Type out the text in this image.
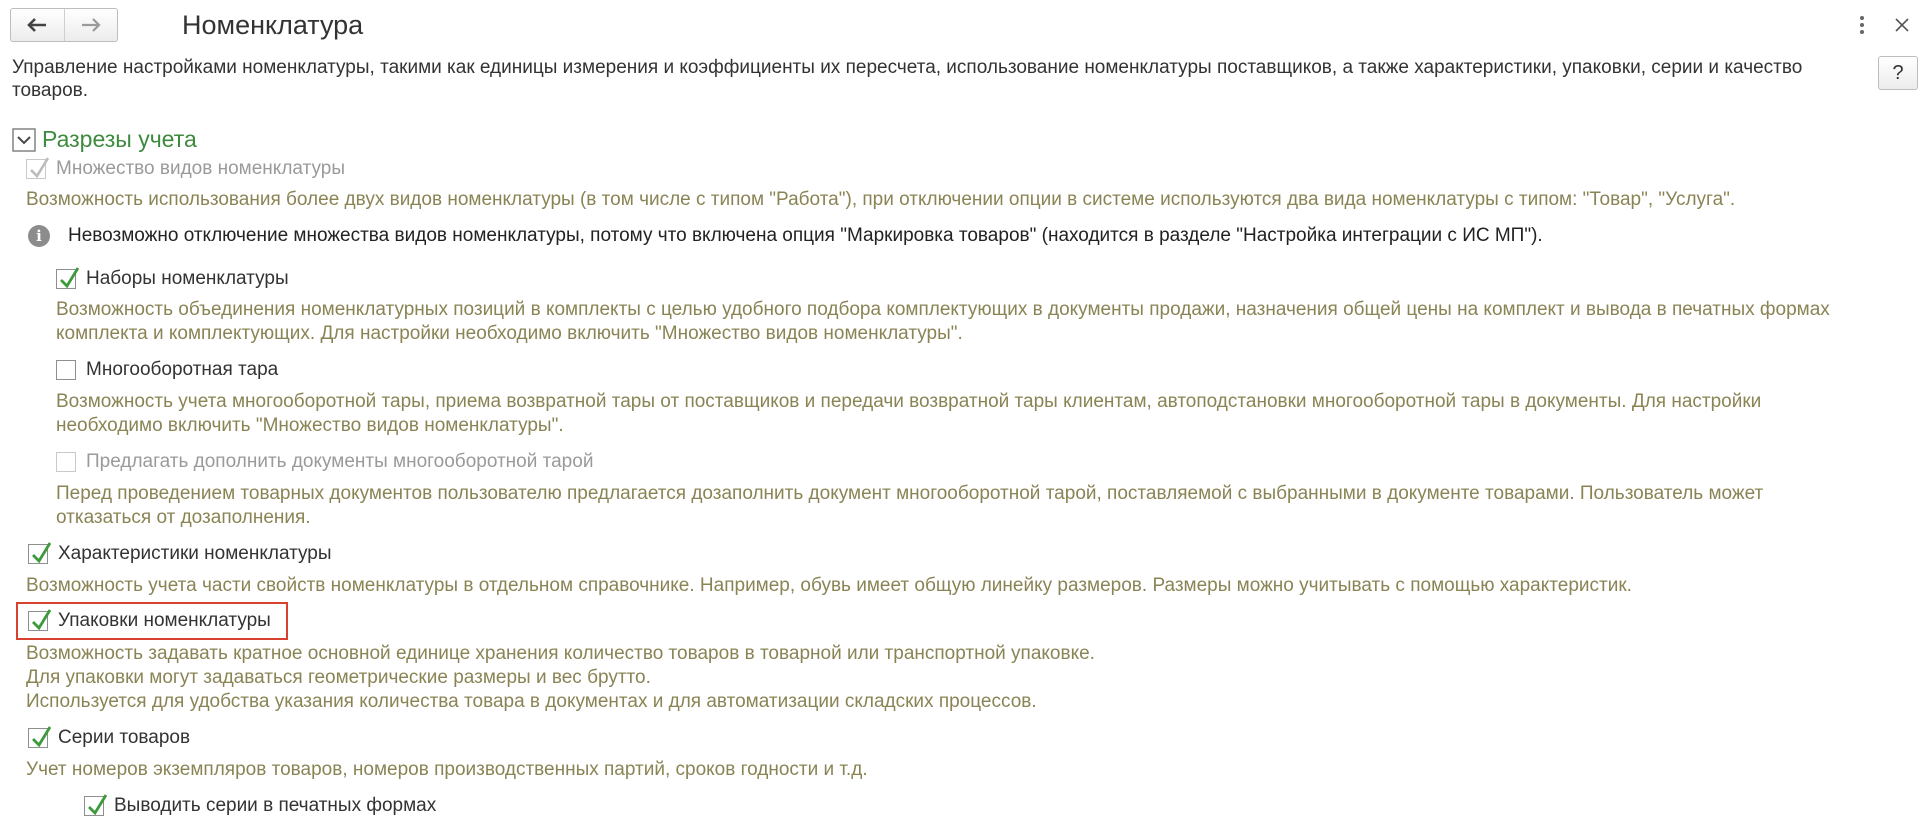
Номенклатура
?
Управление настройками номенклатуры, такими как единицы измерения и коэффициенты их пересчета, использование номенклатуры поставщиков, а также характеристики, упаковки, серии и качество товаров.
Разрезы учета
Множество видов номенклатуры
Возможность использования более двух видов номенклатуры (в том числе с типом "Работа"), при отключении опции в системе используются два вида номенклатуры с типом: "Товар", "Услуга".
i	Невозможно отключение множества видов номенклатуры, потому что включена опция "Маркировка товаров" (находится в разделе "Настройка интеграции с ИС МП").
Наборы номенклатуры
Возможность объединения номенклатурных позиций в комплекты с целью удобного подбора комплектующих в документы продажи, назначения общей цены на комплект и вывода в печатных формах
комплекта и комплектующих. Для настройки необходимо включить "Множество видов номенклатуры".
Многооборотная тара
Возможность учета многооборотной тары, приема возвратной тары от поставщиков и передачи возвратной тары клиентам, автоподстановки многооборотной тары в документы. Для настройки
необходимо включить "Множество видов номенклатуры".
Предлагать дополнить документы многооборотной тарой
Перед проведением товарных документов пользователю предлагается дозаполнить документ многооборотной тарой, поставляемой с выбранными в документе товарами. Пользователь может
отказаться от дозаполнения.
Характеристики номенклатуры
Возможность учета части свойств номенклатуры в отдельном справочнике. Например, обувь имеет общую линейку размеров. Размеры можно учитывать с помощью характеристик.
Упаковки номенклатуры
Возможность задавать кратное основной единице хранения количество товаров в товарной или транспортной упаковке.
Для упаковки могут задаваться геометрические размеры и вес брутто.
Используется для удобства указания количества товара в документах и для автоматизации складских процессов.
Серии товаров
Учет номеров экземпляров товаров, номеров производственных партий, сроков годности и т.д.
Выводить серии в печатных формах
